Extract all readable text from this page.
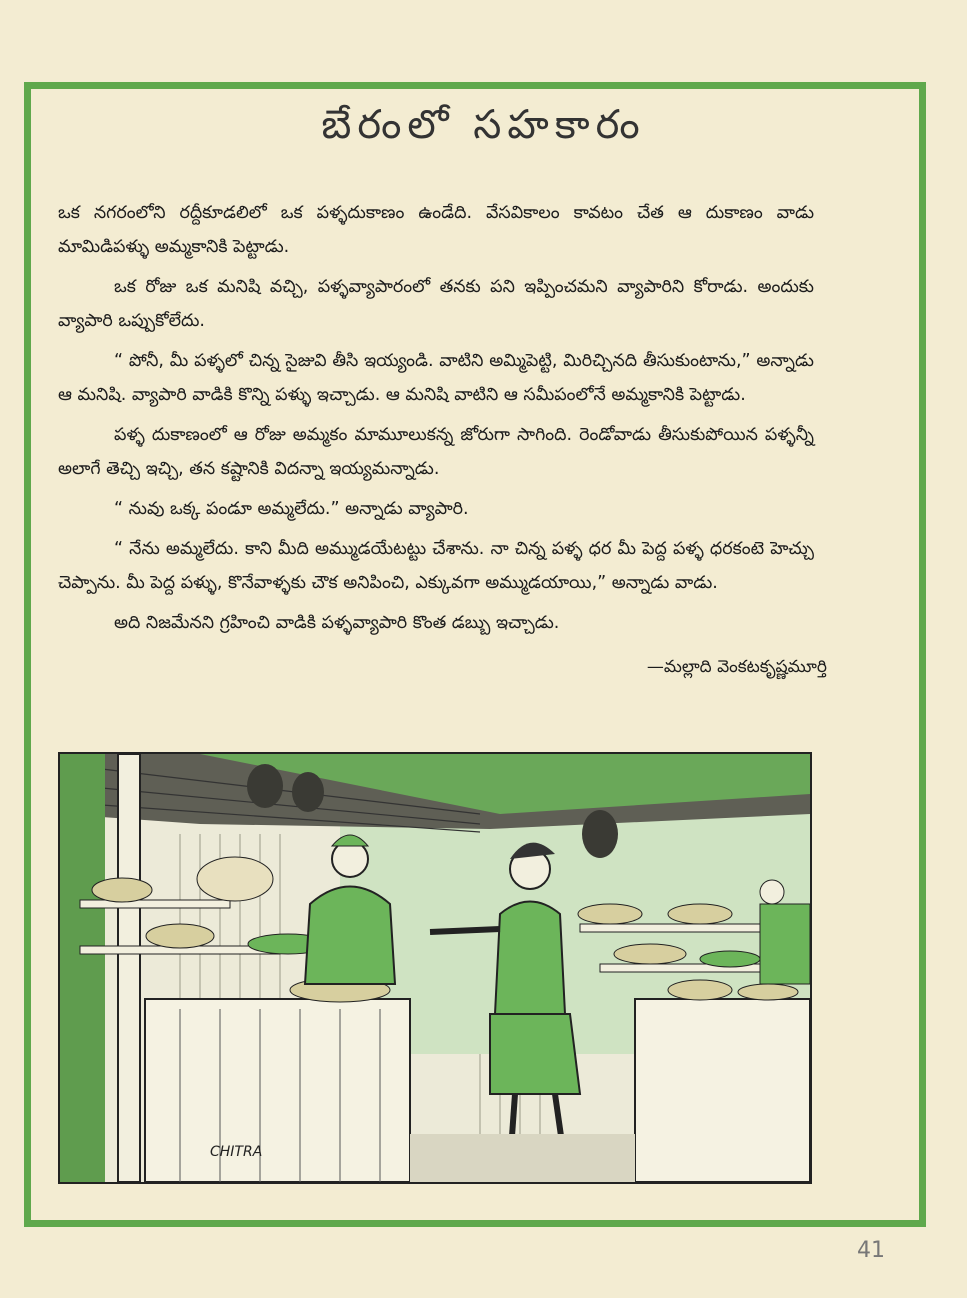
బేరంలో సహకారం

ఒక నగరంలోని రద్దీకూడలిలో ఒక పళ్ళదుకాణం ఉండేది. వేసవికాలం కావటం చేత ఆ దుకాణం వాడు మామిడిపళ్ళు అమ్మకానికి పెట్టాడు.

ఒక రోజు ఒక మనిషి వచ్చి, పళ్ళవ్యాపారంలో తనకు పని ఇప్పించమని వ్యాపారిని కోరాడు. అందుకు వ్యాపారి ఒప్పుకోలేదు.

“ పోనీ, మీ పళ్ళలో చిన్న సైజువి తీసి ఇయ్యండి. వాటిని అమ్మిపెట్టి, మిరిచ్చినది తీసుకుంటాను,” అన్నాడు ఆ మనిషి. వ్యాపారి వాడికి కొన్ని పళ్ళు ఇచ్చాడు. ఆ మనిషి వాటిని ఆ సమీపంలోనే అమ్మకానికి పెట్టాడు.

పళ్ళ దుకాణంలో ఆ రోజు అమ్మకం మామూలుకన్న జోరుగా సాగింది. రెండోవాడు తీసుకుపోయిన పళ్ళన్నీ అలాగే తెచ్చి ఇచ్చి, తన కష్టానికి విదన్నా ఇయ్యమన్నాడు.

“ నువు ఒక్క పండూ అమ్మలేదు.” అన్నాడు వ్యాపారి.

“ నేను అమ్మలేదు. కాని మీది అమ్ముడయేటట్టు చేశాను. నా చిన్న పళ్ళ ధర మీ పెద్ద పళ్ళ ధరకంటె హెచ్చు చెప్పాను. మీ పెద్ద పళ్ళు, కొనేవాళ్ళకు చౌక అనిపించి, ఎక్కువగా అమ్ముడయాయి,” అన్నాడు వాడు.

అది నిజమేనని గ్రహించి వాడికి పళ్ళవ్యాపారి కొంత డబ్బు ఇచ్చాడు.

—మల్లాది వెంకటకృష్ణమూర్తి
CHITRA
41
